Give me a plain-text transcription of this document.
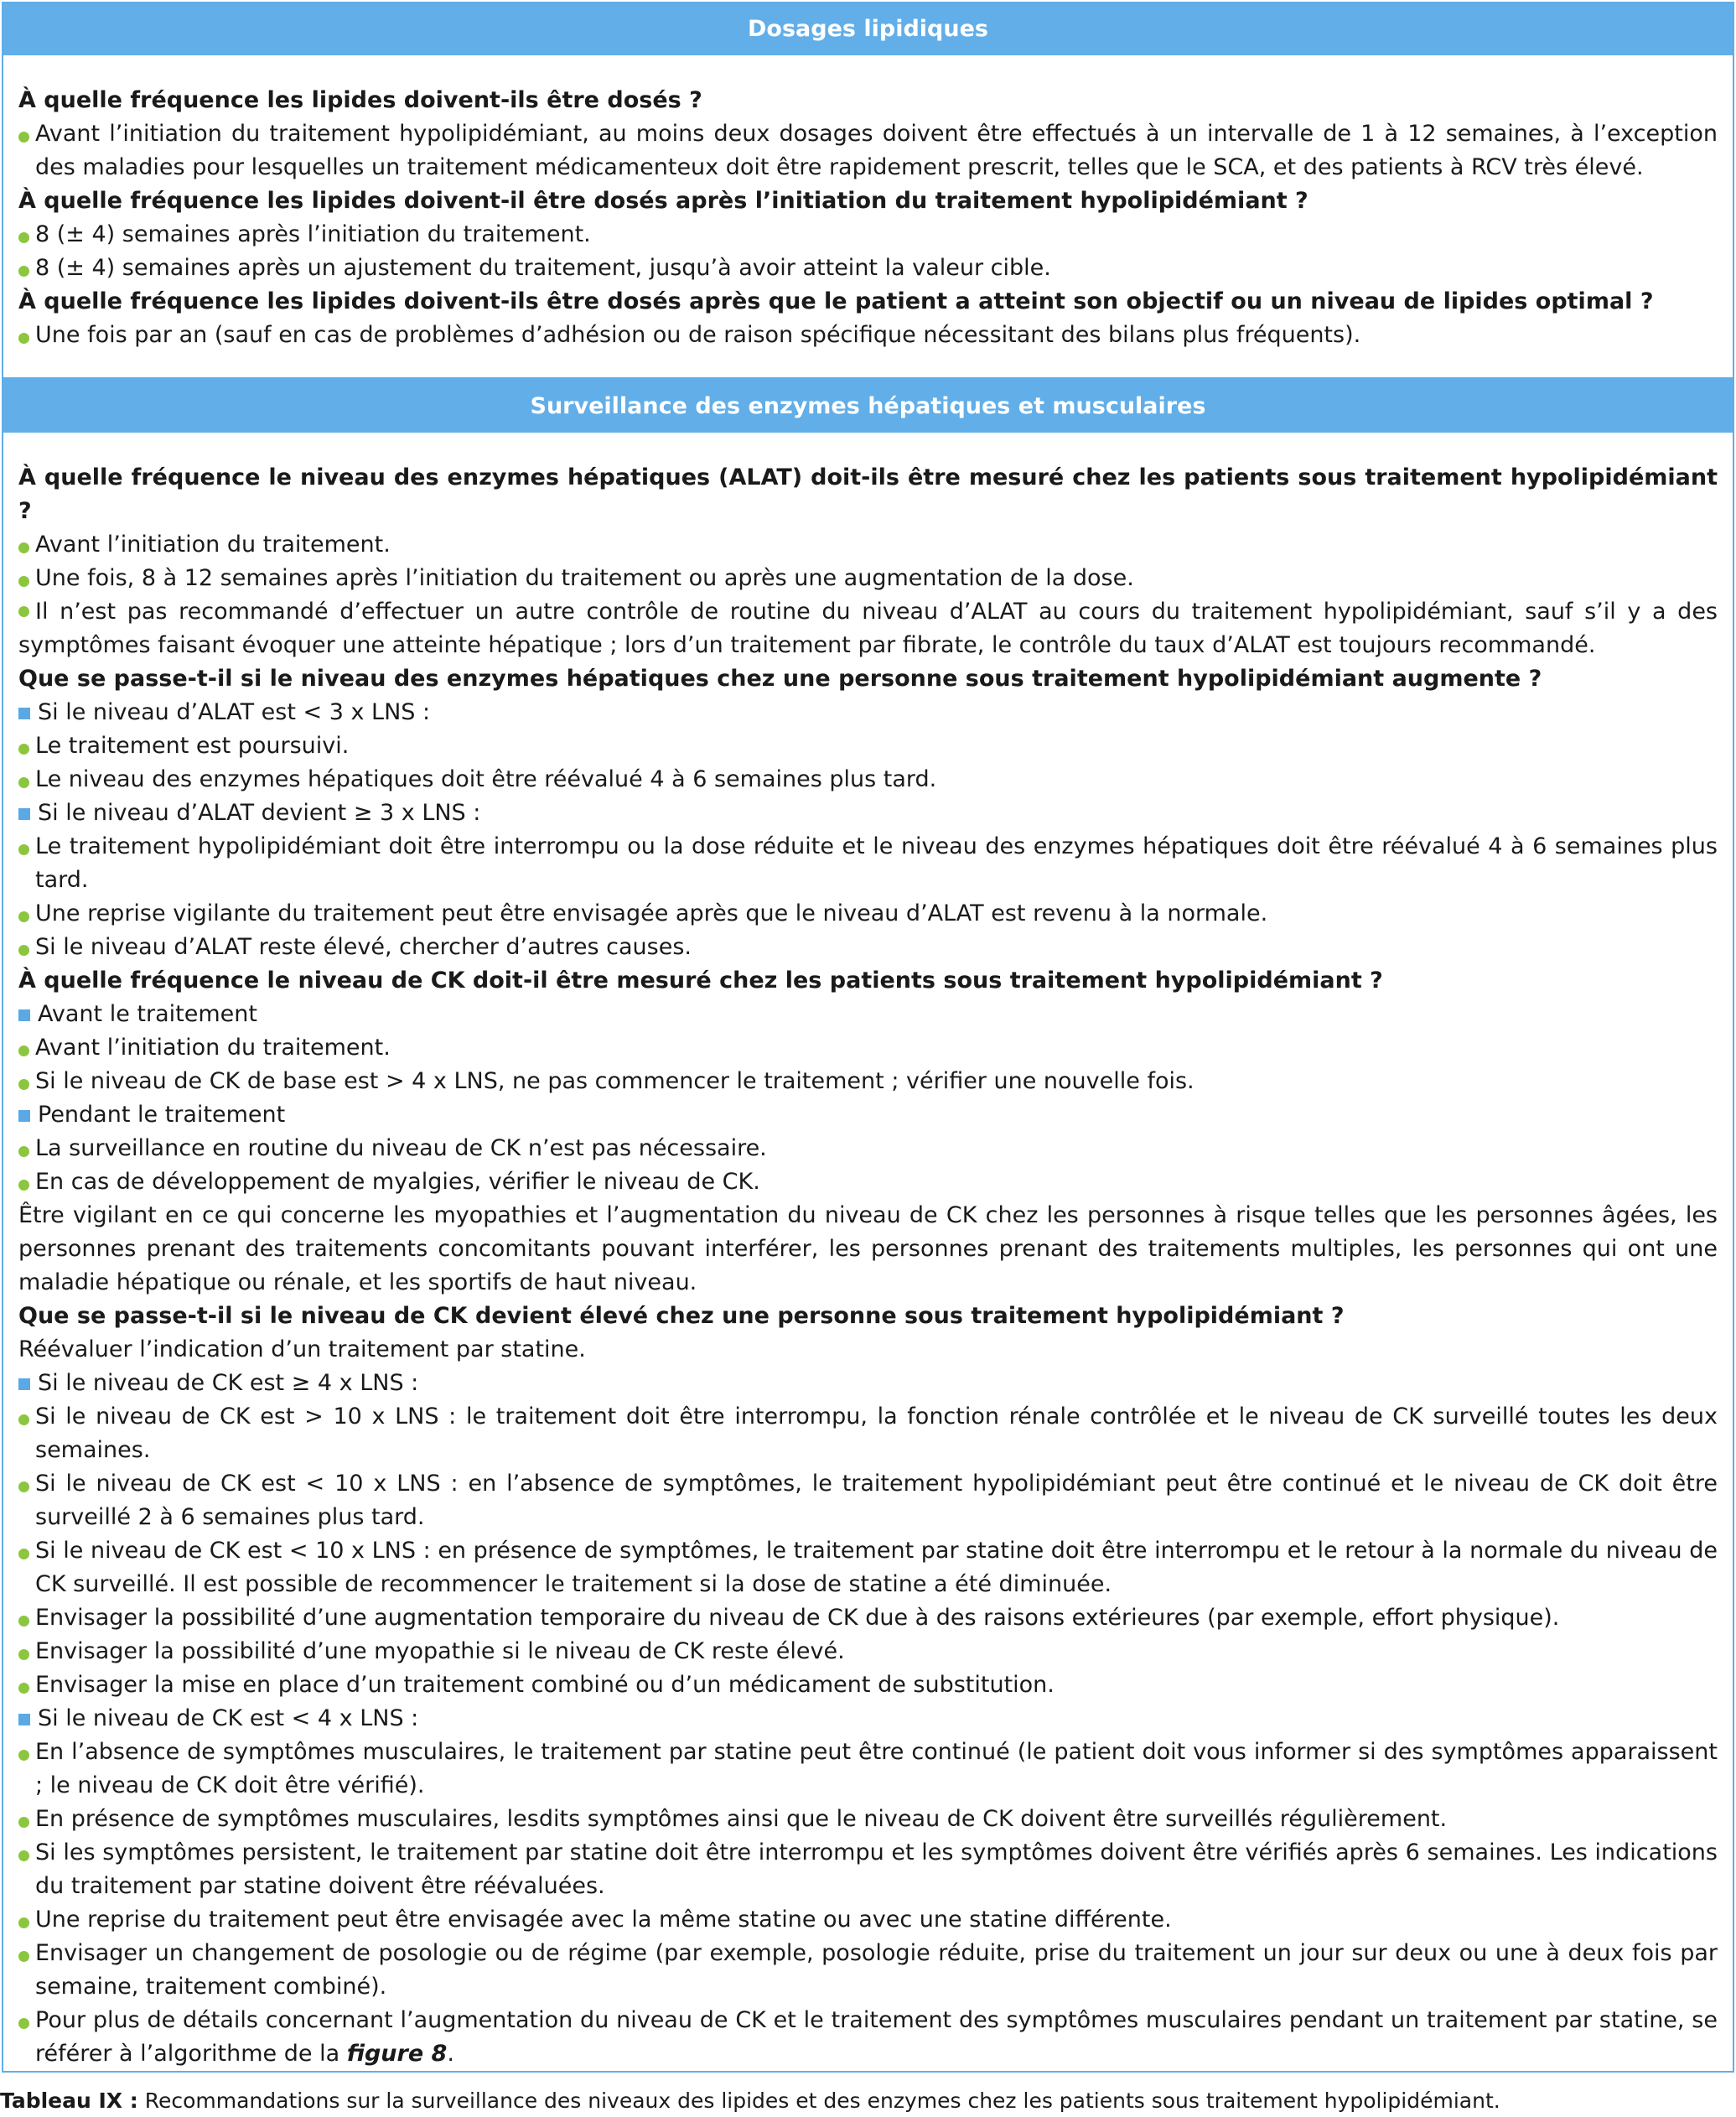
Dosages lipidiques

À quelle fréquence les lipides doivent-ils être dosés ?

Avant l’initiation du traitement hypolipidémiant, au moins deux dosages doivent être effectués à un intervalle de 1 à 12 semaines, à l’exception des maladies pour lesquelles un traitement médicamenteux doit être rapidement prescrit, telles que le SCA, et des patients à RCV très élevé.

À quelle fréquence les lipides doivent-il être dosés après l’initiation du traitement hypolipidémiant ?

8 (± 4) semaines après l’initiation du traitement.
8 (± 4) semaines après un ajustement du traitement, jusqu’à avoir atteint la valeur cible.

À quelle fréquence les lipides doivent-ils être dosés après que le patient a atteint son objectif ou un niveau de lipides optimal ?

Une fois par an (sauf en cas de problèmes d’adhésion ou de raison spécifique nécessitant des bilans plus fréquents).
Surveillance des enzymes hépatiques et musculaires

À quelle fréquence le niveau des enzymes hépatiques (ALAT) doit-ils être mesuré chez les patients sous traitement hypolipidémiant ?

Avant l’initiation du traitement.
Une fois, 8 à 12 semaines après l’initiation du traitement ou après une augmentation de la dose.

Il n’est pas recommandé d’effectuer un autre contrôle de routine du niveau d’ALAT au cours du traitement hypolipidémiant, sauf s’il y a des symptômes faisant évoquer une atteinte hépatique ; lors d’un traitement par fibrate, le contrôle du taux d’ALAT est toujours recommandé.

Que se passe-t-il si le niveau des enzymes hépatiques chez une personne sous traitement hypolipidémiant augmente ?

Si le niveau d’ALAT est < 3 x LNS :
Le traitement est poursuivi.
Le niveau des enzymes hépatiques doit être réévalué 4 à 6 semaines plus tard.
Si le niveau d’ALAT devient ≥ 3 x LNS :
Le traitement hypolipidémiant doit être interrompu ou la dose réduite et le niveau des enzymes hépatiques doit être réévalué 4 à 6 semaines plus tard.
Une reprise vigilante du traitement peut être envisagée après que le niveau d’ALAT est revenu à la normale.
Si le niveau d’ALAT reste élevé, chercher d’autres causes.

À quelle fréquence le niveau de CK doit-il être mesuré chez les patients sous traitement hypolipidémiant ?

Avant le traitement
Avant l’initiation du traitement.
Si le niveau de CK de base est > 4 x LNS, ne pas commencer le traitement ; vérifier une nouvelle fois.
Pendant le traitement
La surveillance en routine du niveau de CK n’est pas nécessaire.
En cas de développement de myalgies, vérifier le niveau de CK.

Être vigilant en ce qui concerne les myopathies et l’augmentation du niveau de CK chez les personnes à risque telles que les personnes âgées, les personnes prenant des traitements concomitants pouvant interférer, les personnes prenant des traitements multiples, les personnes qui ont une maladie hépatique ou rénale, et les sportifs de haut niveau.

Que se passe-t-il si le niveau de CK devient élevé chez une personne sous traitement hypolipidémiant ?

Réévaluer l’indication d’un traitement par statine.

Si le niveau de CK est ≥ 4 x LNS :
Si le niveau de CK est > 10 x LNS : le traitement doit être interrompu, la fonction rénale contrôlée et le niveau de CK surveillé toutes les deux semaines.
Si le niveau de CK est < 10 x LNS : en l’absence de symptômes, le traitement hypolipidémiant peut être continué et le niveau de CK doit être surveillé 2 à 6 semaines plus tard.
Si le niveau de CK est < 10 x LNS : en présence de symptômes, le traitement par statine doit être interrompu et le retour à la normale du niveau de CK surveillé. Il est possible de recommencer le traitement si la dose de statine a été diminuée.
Envisager la possibilité d’une augmentation temporaire du niveau de CK due à des raisons extérieures (par exemple, effort physique).
Envisager la possibilité d’une myopathie si le niveau de CK reste élevé.
Envisager la mise en place d’un traitement combiné ou d’un médicament de substitution.
Si le niveau de CK est < 4 x LNS :
En l’absence de symptômes musculaires, le traitement par statine peut être continué (le patient doit vous informer si des symptômes apparaissent ; le niveau de CK doit être vérifié).
En présence de symptômes musculaires, lesdits symptômes ainsi que le niveau de CK doivent être surveillés régulièrement.
Si les symptômes persistent, le traitement par statine doit être interrompu et les symptômes doivent être vérifiés après 6 semaines. Les indications du traitement par statine doivent être réévaluées.
Une reprise du traitement peut être envisagée avec la même statine ou avec une statine différente.
Envisager un changement de posologie ou de régime (par exemple, posologie réduite, prise du traitement un jour sur deux ou une à deux fois par semaine, traitement combiné).
Pour plus de détails concernant l’augmentation du niveau de CK et le traitement des symptômes musculaires pendant un traitement par statine, se référer à l’algorithme de la figure 8.
Tableau IX : Recommandations sur la surveillance des niveaux des lipides et des enzymes chez les patients sous traitement hypolipidémiant.
